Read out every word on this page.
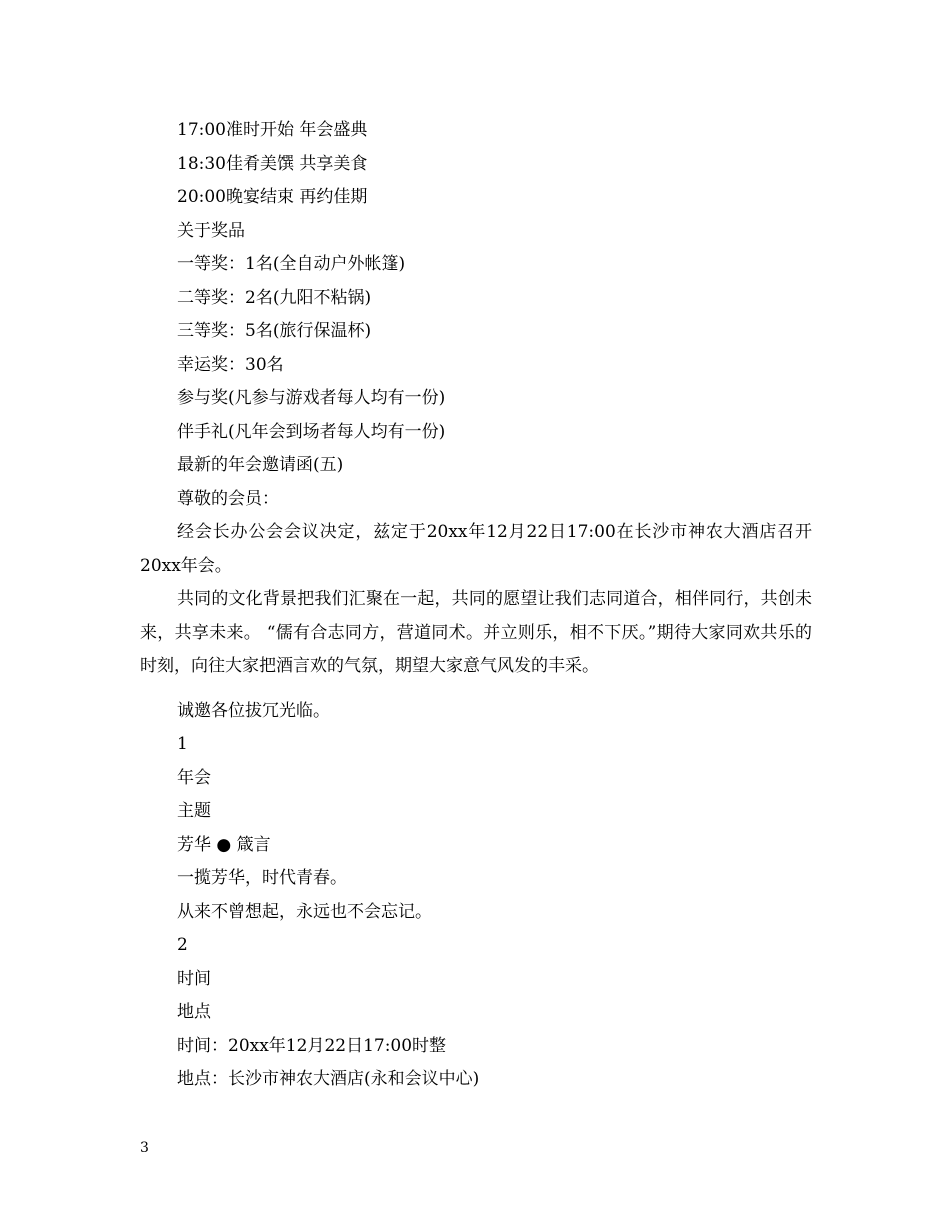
17:00准时开始 年会盛典
18:30佳肴美馔 共享美食
20:00晚宴结束 再约佳期
关于奖品
一等奖：1名(全自动户外帐篷)
二等奖：2名(九阳不粘锅)
三等奖：5名(旅行保温杯)
幸运奖：30名
参与奖(凡参与游戏者每人均有一份)
伴手礼(凡年会到场者每人均有一份)
最新的年会邀请函(五)
尊敬的会员：
经会长办公会会议决定，兹定于20xx年12月22日17:00在长沙市神农大酒店召开20xx年会。
共同的文化背景把我们汇聚在一起，共同的愿望让我们志同道合，相伴同行，共创未来，共享未来。 “儒有合志同方，营道同术。并立则乐，相不下厌。”期待大家同欢共乐的时刻，向往大家把酒言欢的气氛，期望大家意气风发的丰采。
诚邀各位拔冗光临。
1
年会
主题
芳华 ● 箴言
一揽芳华，时代青春。
从来不曾想起，永远也不会忘记。
2
时间
地点
时间：20xx年12月22日17:00时整
地点：长沙市神农大酒店(永和会议中心)
3
